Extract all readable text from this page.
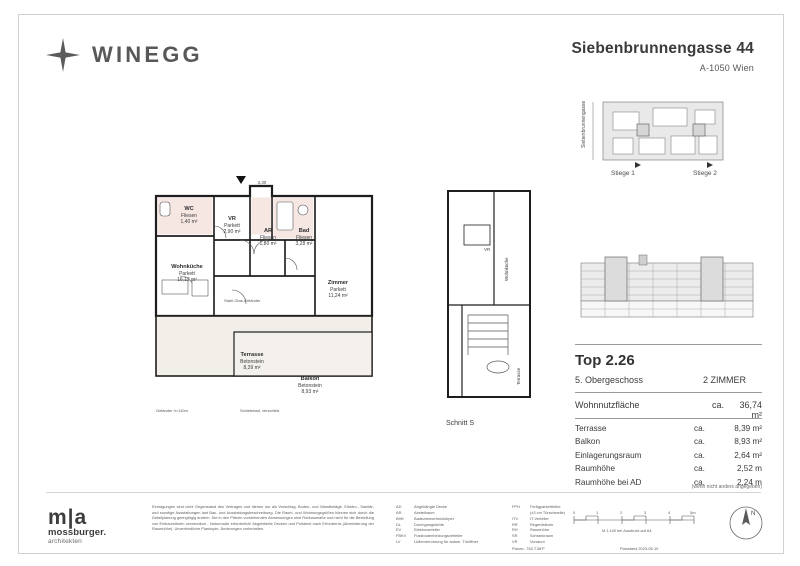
WINEGG	Siebenbrunnengasse 44
A-1050 Wien
Siebenbrunnengasse
Stiege 1	Stiege 2
Top 2.26
5. Obergeschoss	2 ZIMMER
Wohnnutzfläche	ca.	36,74 m²
Terrasse	ca.	8,39 m²
Balkon	ca.	8,93 m²
Einlagerungsraum	ca.	2,64 m²
Raumhöhe	ca.	2,52 m
Raumhöhe bei AD	ca.	2,24 m
(wenn nicht anders angegeben)
2,30
WC
Fliesen
1,40 m²
VR
Parkett
2,90 m²	AR
Fliesen
1,80 m²
Bad
Fliesen
3,28 m²
Wohnküche
Parkett
16,12 m²	Zimmer
Parkett
11,24 m²
Terrasse
Betonstein
8,39 m²
Balkon
Betonstein
8,93 m²
Schiebelad. verschieb.
Geländer h=110m
Stahl-Glas-Geländer
VR
Wohnküche
Terrasse
Schnitt S
m|a
mossburger.
architekten
Eintragungen sind nicht Gegenstand des Vertrages und dienen nur als Vorschlag. Boden- und Wandbeläge, Elektro-, Sanitär- und sonstige Ausstattungen laut Bau- und Ausstattungsbeschreibung. Die Raum- und Wohnungsgrößen können sich durch die Detailplanung geringfügig ändern. Die in den Plänen vorstehenden Abmessungen sind Rohbaumaße und nicht für die Bestellung von Einbaumöbeln verwendbar - Naturmaße erforderlich! Abgebildete Decken und Polsterei nach Erfordernis (Abminderung der Raumhöhe). Unverbindliche Plankopie, Änderungen vorbehalten.
AD	Abgehängte Decke
AR	Abstellraum
BHK	Badezimmerheizkörper
DL	Durchgangslichte
EV	Elektroverteiler
FBKV	Fussbodenheizungsverteiler
LV	Lüfterverrohrung für autom. Türöffner
FPH	Fertigparketthöhe
(±3 cm Türschwelle)
ITV	IT-Verteiler
RR	Regenfallrohr
RH	Raumhöhe
SR	Schrankraum
VR	Vorraum
0	1	2	3	4	5m
M 1:100 bei Ausdruck auf A4
Plannr.: 763.T.36'P	Planstand 2023-05-10
N
